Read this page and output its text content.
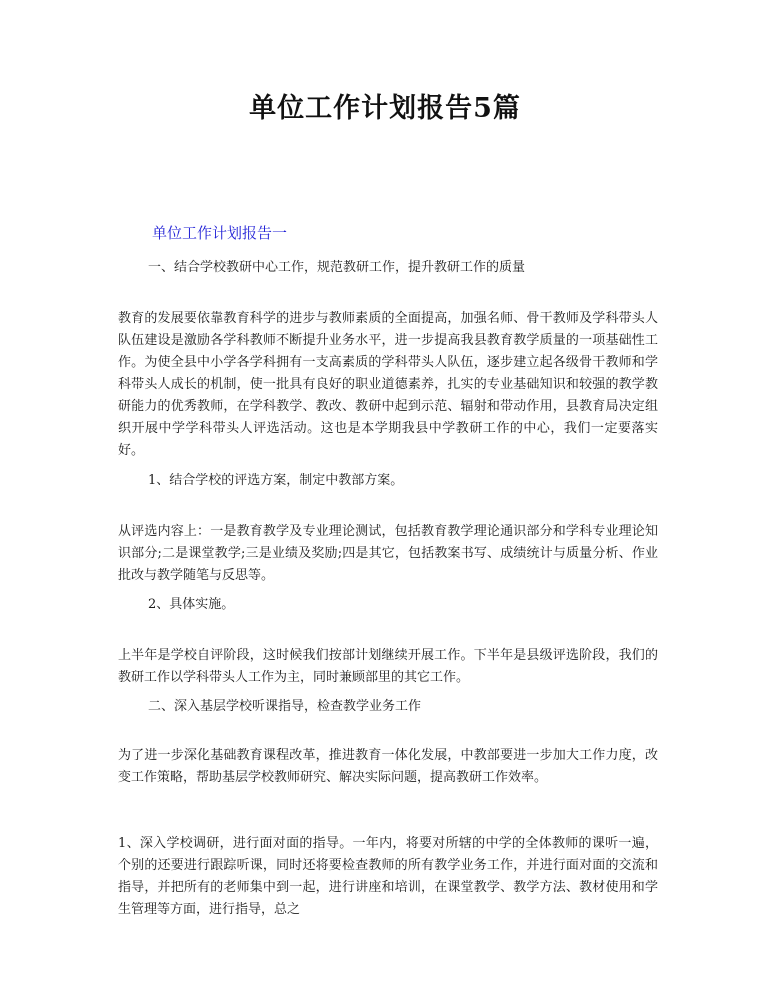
单位工作计划报告5篇
单位工作计划报告一

一、结合学校教研中心工作，规范教研工作，提升教研工作的质量

教育的发展要依靠教育科学的进步与教师素质的全面提高，加强名师、骨干教师及学科带头人队伍建设是激励各学科教师不断提升业务水平，进一步提高我县教育教学质量的一项基础性工作。为使全县中小学各学科拥有一支高素质的学科带头人队伍，逐步建立起各级骨干教师和学科带头人成长的机制，使一批具有良好的职业道德素养，扎实的专业基础知识和较强的教学教研能力的优秀教师，在学科教学、教改、教研中起到示范、辐射和带动作用，县教育局决定组织开展中学学科带头人评选活动。这也是本学期我县中学教研工作的中心，我们一定要落实好。

1、结合学校的评选方案，制定中教部方案。

从评选内容上：一是教育教学及专业理论测试，包括教育教学理论通识部分和学科专业理论知识部分;二是课堂教学;三是业绩及奖励;四是其它，包括教案书写、成绩统计与质量分析、作业批改与教学随笔与反思等。

2、具体实施。

上半年是学校自评阶段，这时候我们按部计划继续开展工作。下半年是县级评选阶段，我们的教研工作以学科带头人工作为主，同时兼顾部里的其它工作。

二、深入基层学校听课指导，检查教学业务工作

为了进一步深化基础教育课程改革，推进教育一体化发展，中教部要进一步加大工作力度，改变工作策略，帮助基层学校教师研究、解决实际问题，提高教研工作效率。

1、深入学校调研，进行面对面的指导。一年内，将要对所辖的中学的全体教师的课听一遍，个别的还要进行跟踪听课，同时还将要检查教师的所有教学业务工作，并进行面对面的交流和指导，并把所有的老师集中到一起，进行讲座和培训，在课堂教学、教学方法、教材使用和学生管理等方面，进行指导，总之
